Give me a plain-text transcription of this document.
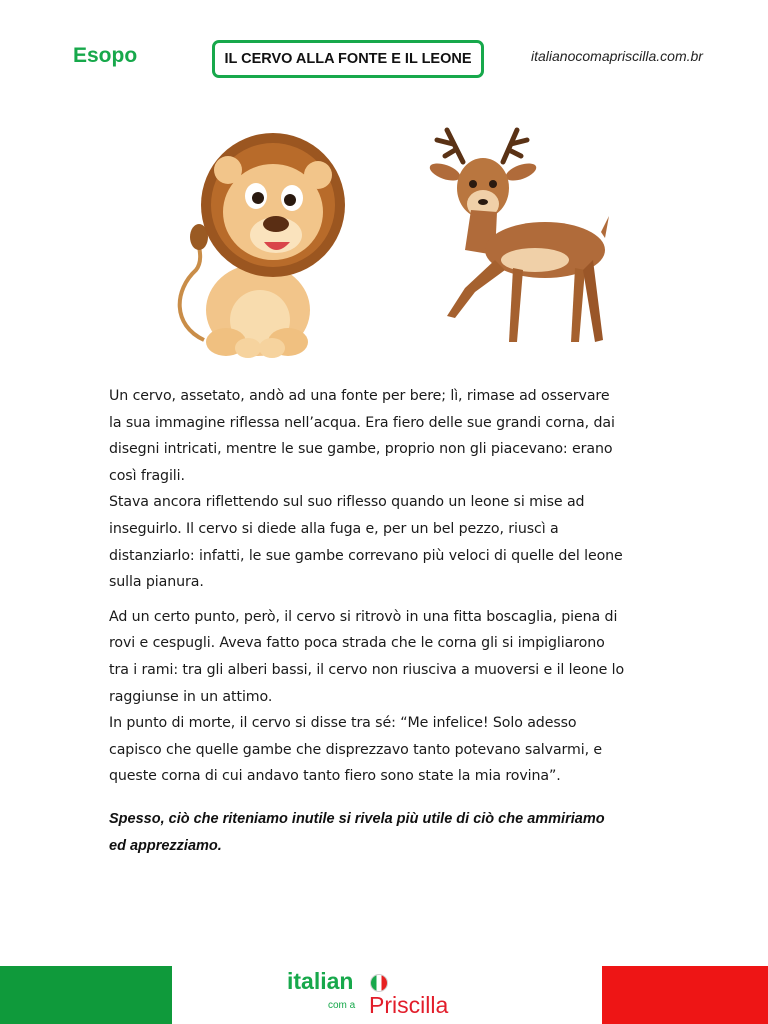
Esopo	IL CERVO ALLA FONTE E IL LEONE	italianocomapriscilla.com.br

Un cervo, assetato, andò ad una fonte per bere; lì, rimase ad osservare
la sua immagine riflessa nell’acqua. Era fiero delle sue grandi corna, dai
disegni intricati, mentre le sue gambe, proprio non gli piacevano: erano
così fragili.
Stava ancora riflettendo sul suo riflesso quando un leone si mise ad
inseguirlo. Il cervo si diede alla fuga e, per un bel pezzo, riuscì a
distanziarlo: infatti, le sue gambe correvano più veloci di quelle del leone
sulla pianura.

Ad un certo punto, però, il cervo si ritrovò in una fitta boscaglia, piena di
rovi e cespugli. Aveva fatto poca strada che le corna gli si impigliarono
tra i rami: tra gli alberi bassi, il cervo non riusciva a muoversi e il leone lo
raggiunse in un attimo.
In punto di morte, il cervo si disse tra sé: “Me infelice! Solo adesso
capisco che quelle gambe che disprezzavo tanto potevano salvarmi, e
queste corna di cui andavo tanto fiero sono state la mia rovina”.

Spesso, ciò che riteniamo inutile si rivela più utile di ciò che ammiriamo
ed apprezziamo.
italian
com a Priscilla
